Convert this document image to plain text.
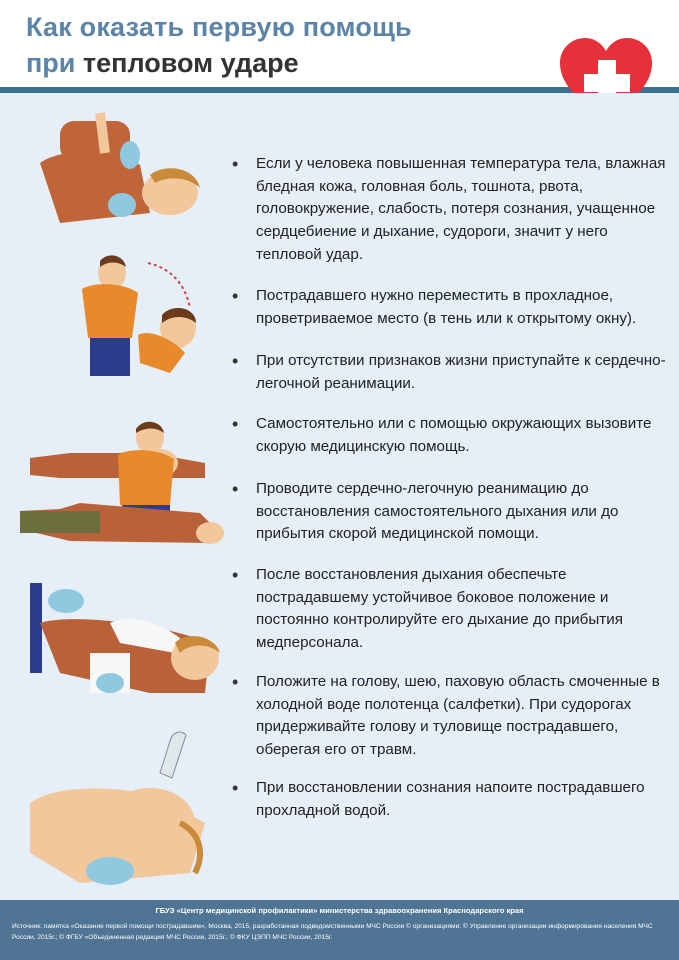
Как оказать первую помощь
при тепловом ударе
• Если у человека повышенная температура тела, влажная бледная кожа, головная боль, тошнота, рвота, головокружение, слабость, потеря сознания, учащенное сердцебиение и дыхание, судороги, значит у него тепловой удар.
• Пострадавшего нужно переместить в прохладное, проветриваемое место (в тень или к открытому окну).
• При отсутствии признаков жизни приступайте к сердечно-легочной реанимации.
• Самостоятельно или с помощью окружающих вызовите скорую медицинскую помощь.
• Проводите сердечно-легочную реанимацию до восстановления самостоятельного дыхания или до прибытия скорой медицинской помощи.
• После восстановления дыхания обеспечьте пострадавшему устойчивое боковое положение и постоянно контролируйте его дыхание до прибытия медперсонала.
• Положите на голову, шею, паховую область смоченные в холодной воде полотенца (салфетки). При судорогах придерживайте голову и туловище пострадавшего, оберегая его от травм.
• При восстановлении сознания напоите пострадавшего прохладной водой.
ГБУЗ «Центр медицинской профилактики» министерства здравоохранения Краснодарского края
Источник: памятка «Оказание первой помощи пострадавшим», Москва, 2015, разработанная подведомственными МЧС России © организациями: © Управление организации информирования населения МЧС России, 2015г.; © ФГБУ «Объединенная редакция МЧС России, 2015г.; © ФКУ ЦЭПП МЧС России, 2015г.
